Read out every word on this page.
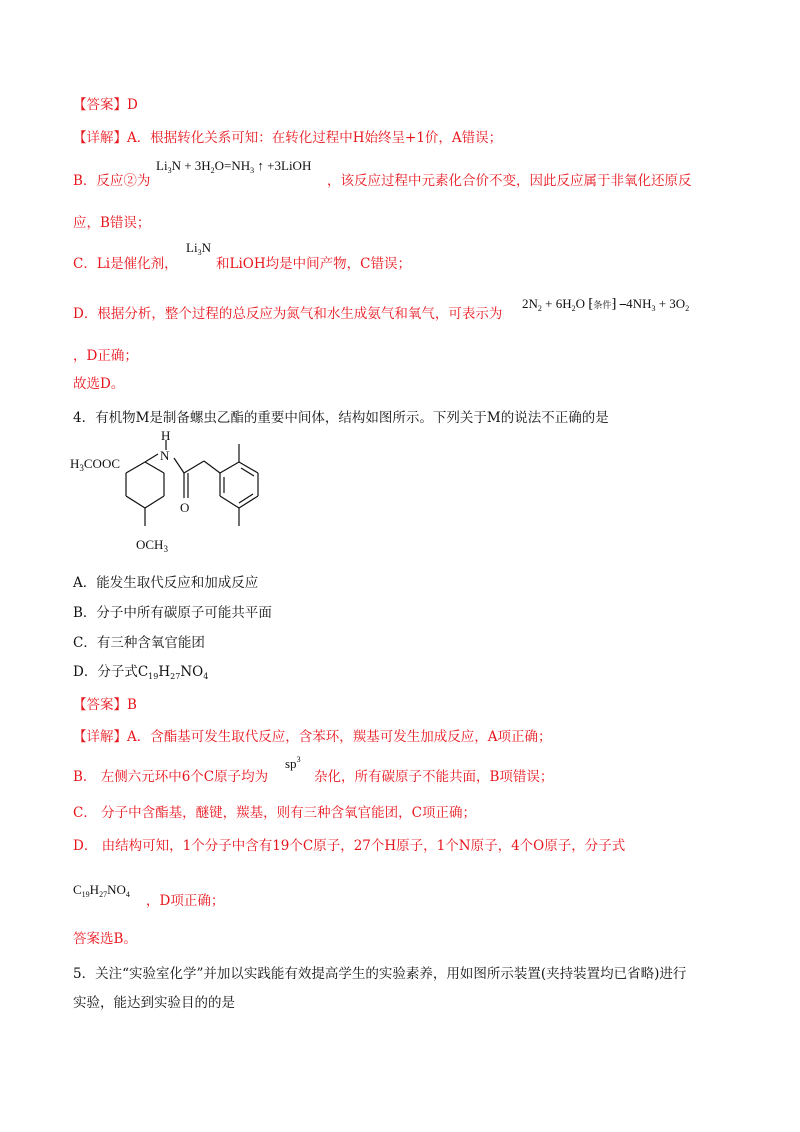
【答案】D
【详解】A．根据转化关系可知：在转化过程中H始终呈+1价，A错误；
B．反应②为
$Li_3N + 3H_2O=NH_3$ ↑ +3LiOH
，该反应过程中元素化合价不变，因此反应属于非氧化还原反
应，B错误；
C．Li是催化剂，
$Li_3N$
和LiOH均是中间产物，C错误；
D．根据分析，整个过程的总反应为氮气和水生成氨气和氧气，可表示为
$2N_2 + 6H_2O$ ⁅条件⁆ $⎯4NH_3 + 3O_2$
，D正确；
故选D。
4．有机物M是制备螺虫乙酯的重要中间体，结构如图所示。下列关于M的说法不正确的是
$H_3COOC$
H
N
O
$OCH_3$
A．能发生取代反应和加成反应
B．分子中所有碳原子可能共平面
C．有三种含氧官能团
D．分子式$C_{19}H_{27}NO_4$
【答案】B
【详解】A．含酯基可发生取代反应，含苯环，羰基可发生加成反应，A项正确；
B． 左侧六元环中6个C原子均为
$sp^3$
杂化，所有碳原子不能共面，B项错误；
C． 分子中含酯基，醚键，羰基，则有三种含氧官能团，C项正确；
D． 由结构可知，1个分子中含有19个C原子，27个H原子，1个N原子，4个O原子，分子式
$C_{19}H_{27}NO_4$ ，D项正确；
答案选B。
5．关注“实验室化学”并加以实践能有效提高学生的实验素养，用如图所示装置(夹持装置均已省略)进行
实验，能达到实验目的的是
